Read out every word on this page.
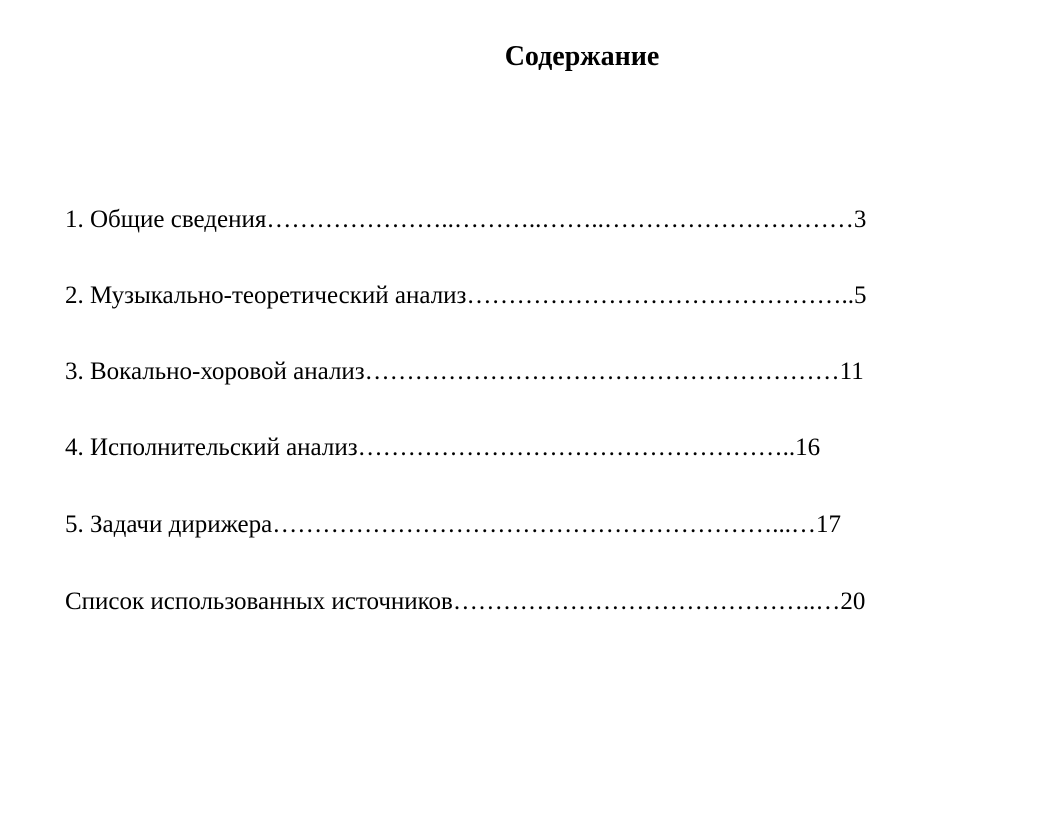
Содержание
1. Общие сведения…………………..………..……..…………………………3
2. Музыкально-теоретический анализ………………………………………..5
3. Вокально-хоровой анализ…………………………………………………11
4. Исполнительский анализ……………………………………………..16
5. Задачи дирижера……………………………………………………...…17
Список использованных источников……………………………………..…20
